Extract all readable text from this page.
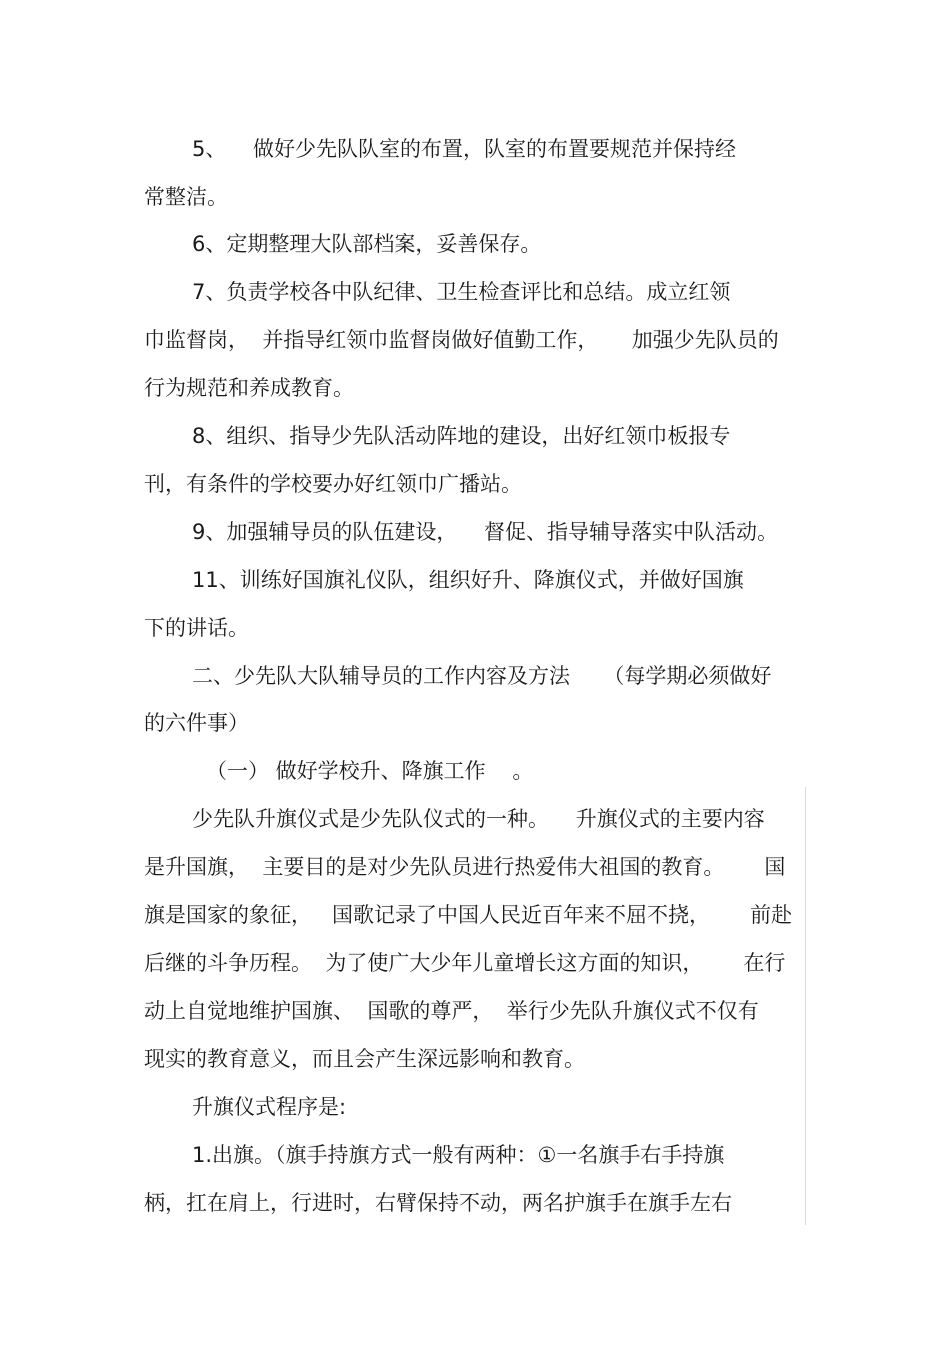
5、    做好少先队队室的布置，队室的布置要规范并保持经
常整洁。
6、定期整理大队部档案，妥善保存。
7、负责学校各中队纪律、卫生检查评比和总结。成立红领
巾监督岗，  并指导红领巾监督岗做好值勤工作，     加强少先队员的
行为规范和养成教育。
8、组织、指导少先队活动阵地的建设，出好红领巾板报专
刊，有条件的学校要办好红领巾广播站。
9、加强辅导员的队伍建设，    督促、指导辅导落实中队活动。
11、训练好国旗礼仪队，组织好升、降旗仪式，并做好国旗
下的讲话。
二、少先队大队辅导员的工作内容及方法     （每学期必须做好
的六件事）
（一） 做好学校升、降旗工作    。
少先队升旗仪式是少先队仪式的一种。    升旗仪式的主要内容
是升国旗，  主要目的是对少先队员进行热爱伟大祖国的教育。      国
旗是国家的象征，   国歌记录了中国人民近百年来不屈不挠，      前赴
后继的斗争历程。  为了使广大少年儿童增长这方面的知识，      在行
动上自觉地维护国旗、  国歌的尊严，  举行少先队升旗仪式不仅有
现实的教育意义，而且会产生深远影响和教育。
升旗仪式程序是:
1.出旗。（旗手持旗方式一般有两种：①一名旗手右手持旗
柄，扛在肩上，行进时，右臂保持不动，两名护旗手在旗手左右
